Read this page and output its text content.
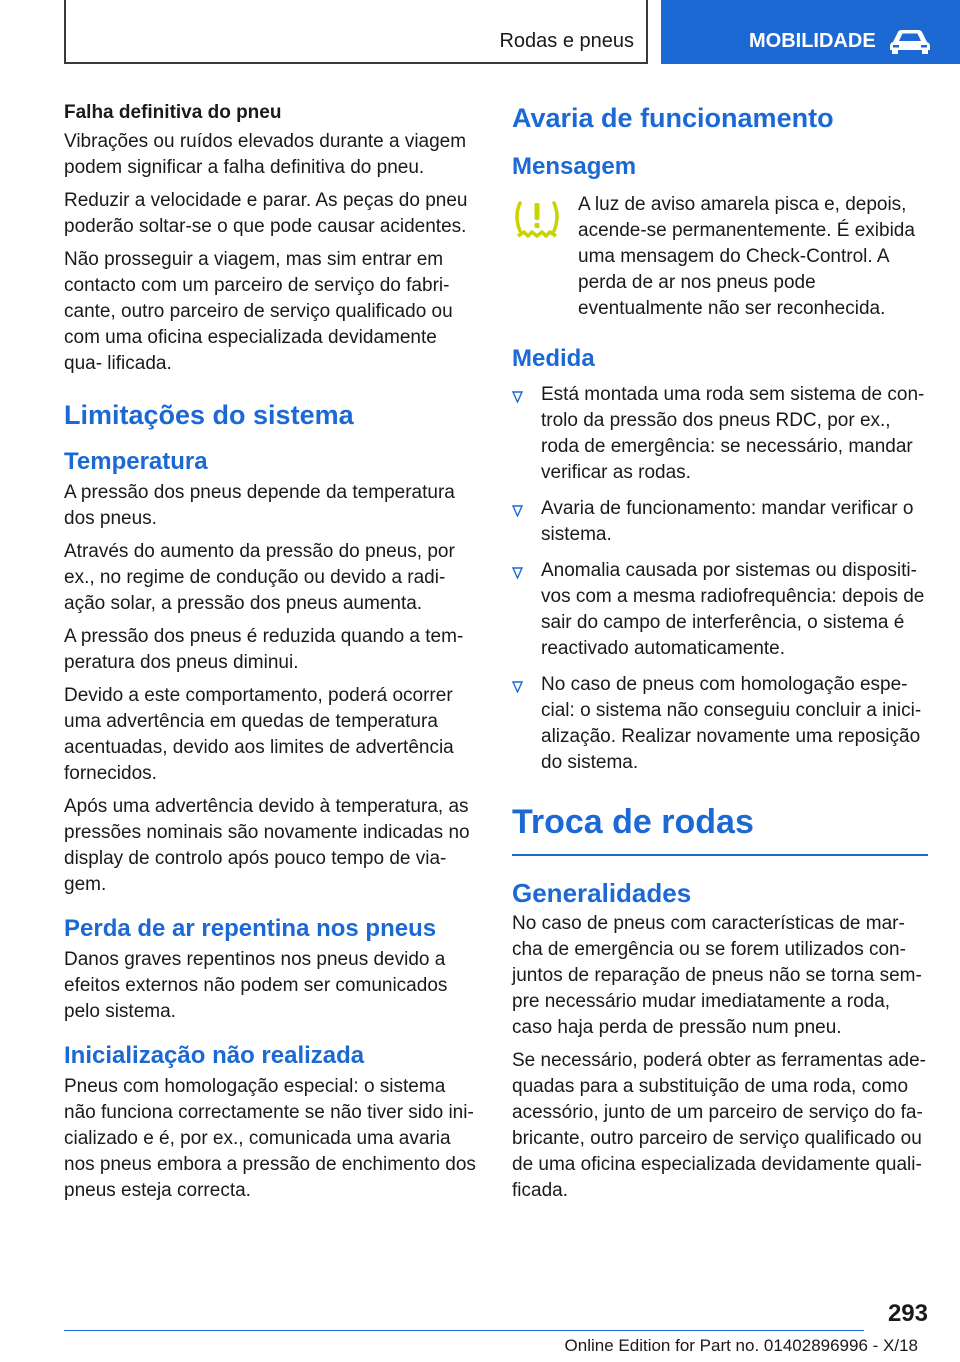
Rodas e pneus	MOBILIDADE
Falha definitiva do pneu

Vibrações ou ruídos elevados durante a viagem podem significar a falha definitiva do pneu.

Reduzir a velocidade e parar. As peças do pneu poderão soltar-se o que pode causar acidentes.

Não prosseguir a viagem, mas sim entrar em contacto com um parceiro de serviço do fabri- cante, outro parceiro de serviço qualificado ou com uma oficina especializada devidamente qua- lificada.

Limitações do sistema
Temperatura

A pressão dos pneus depende da temperatura dos pneus.

Através do aumento da pressão do pneus, por ex., no regime de condução ou devido a radi- ação solar, a pressão dos pneus aumenta.

A pressão dos pneus é reduzida quando a tem- peratura dos pneus diminui.

Devido a este comportamento, poderá ocorrer uma advertência em quedas de temperatura acentuadas, devido aos limites de advertência fornecidos.

Após uma advertência devido à temperatura, as pressões nominais são novamente indicadas no display de controlo após pouco tempo de via- gem.

Perda de ar repentina nos pneus

Danos graves repentinos nos pneus devido a efeitos externos não podem ser comunicados pelo sistema.

Inicialização não realizada

Pneus com homologação especial: o sistema não funciona correctamente se não tiver sido ini- cializado e é, por ex., comunicada uma avaria nos pneus embora a pressão de enchimento dos pneus esteja correcta.

Avaria de funcionamento
Mensagem

A luz de aviso amarela pisca e, depois, acende-se permanentemente. É exibida uma mensagem do Check-Control. A perda de ar nos pneus pode eventualmente não ser reconhecida.

Medida
Está montada uma roda sem sistema de con- trolo da pressão dos pneus RDC, por ex., roda de emergência: se necessário, mandar verificar as rodas.
Avaria de funcionamento: mandar verificar o sistema.
Anomalia causada por sistemas ou dispositi- vos com a mesma radiofrequência: depois de sair do campo de interferência, o sistema é reactivado automaticamente.
No caso de pneus com homologação espe- cial: o sistema não conseguiu concluir a inici- alização. Realizar novamente uma reposição do sistema.
Troca de rodas
Generalidades

No caso de pneus com características de mar- cha de emergência ou se forem utilizados con- juntos de reparação de pneus não se torna sem- pre necessário mudar imediatamente a roda, caso haja perda de pressão num pneu.

Se necessário, poderá obter as ferramentas ade- quadas para a substituição de uma roda, como acessório, junto de um parceiro de serviço do fa- bricante, outro parceiro de serviço qualificado ou de uma oficina especializada devidamente quali- ficada.

293
Online Edition for Part no. 01402896996 - X/18
